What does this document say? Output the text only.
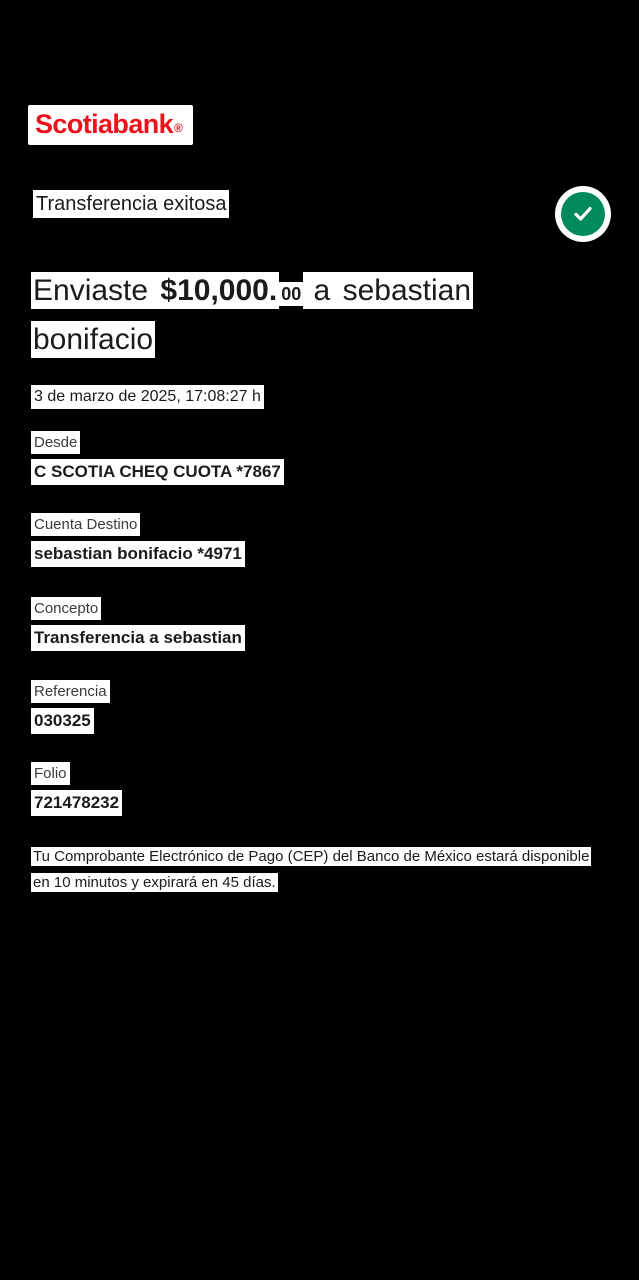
Scotiabank ®
Transferencia exitosa
Enviaste $10,000. 00 a sebastian bonifacio
3 de marzo de 2025, 17:08:27 h
Desde
C SCOTIA CHEQ CUOTA *7867
Cuenta Destino
sebastian bonifacio *4971
Concepto
Transferencia a sebastian
Referencia
030325
Folio
721478232
Tu Comprobante Electrónico de Pago (CEP) del Banco de México estará disponible en 10 minutos y expirará en 45 días.
